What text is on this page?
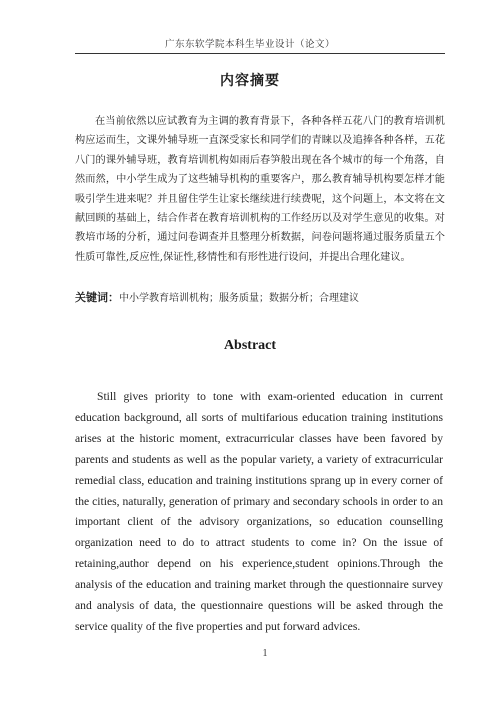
广东东软学院本科生毕业设计（论文）
内容摘要

在当前依然以应试教育为主调的教育背景下，各种各样五花八门的教育培训机构应运而生，文课外辅导班一直深受家长和同学们的青睐以及追捧各种各样，五花八门的课外辅导班，教育培训机构如雨后春笋般出现在各个城市的每一个角落，自然而然，中小学生成为了这些辅导机构的重要客户，那么教育辅导机构要怎样才能吸引学生进来呢？并且留住学生让家长继续进行续费呢，这个问题上，本文将在文献回顾的基础上，结合作者在教育培训机构的工作经历以及对学生意见的收集。对教培市场的分析，通过问卷调查并且整理分析数据，问卷问题将通过服务质量五个性质可靠性,反应性,保证性,移情性和有形性进行设问，并提出合理化建议。

关键词：中小学教育培训机构；服务质量；数据分析；合理建议
Abstract

Still gives priority to tone with exam-oriented education in current education background, all sorts of multifarious education training institutions arises at the historic moment, extracurricular classes have been favored by parents and students as well as the popular variety, a variety of extracurricular remedial class, education and training institutions sprang up in every corner of the cities, naturally, generation of primary and secondary schools in order to an important client of the advisory organizations, so education counselling organization need to do to attract students to come in? On the issue of retaining,author depend on his experience,student opinions.Through the analysis of the education and training market through the questionnaire survey and analysis of data, the questionnaire questions will be asked through the service quality of the five properties and put forward advices.

1
